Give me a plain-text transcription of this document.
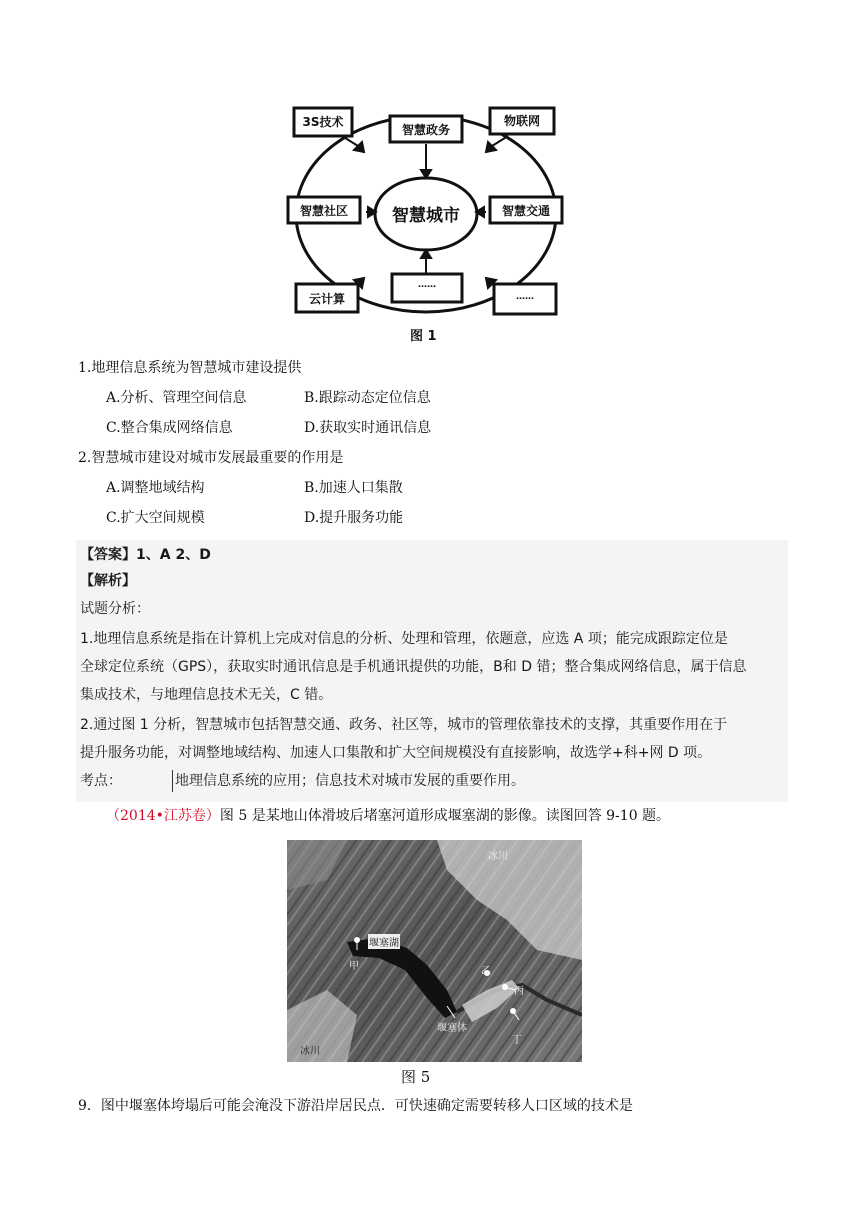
智慧政务
智慧社区	智慧交通
……
智慧城市
3S技术	物联网
云计算	……
图 1
1.地理信息系统为智慧城市建设提供
A.分析、管理空间信息	B.跟踪动态定位信息
C.整合集成网络信息	D.获取实时通讯信息
2.智慧城市建设对城市发展最重要的作用是
A.调整地域结构	B.加速人口集散
C.扩大空间规模	D.提升服务功能
【答案】1、A 2、D
【解析】
试题分析：
1.地理信息系统是指在计算机上完成对信息的分析、处理和管理，依题意，应选 A 项；能完成跟踪定位是
全球定位系统（GPS），获取实时通讯信息是手机通讯提供的功能，B和 D 错；整合集成网络信息，属于信息
集成技术，与地理信息技术无关，C 错。
2.通过图 1 分析，智慧城市包括智慧交通、政务、社区等，城市的管理依靠技术的支撑，其重要作用在于
提升服务功能，对调整地域结构、加速人口集散和扩大空间规模没有直接影响，故选学+科+网 D 项。
考点：	地理信息系统的应用；信息技术对城市发展的重要作用。
（2014•江苏卷）图 5 是某地山体滑坡后堵塞河道形成堰塞湖的影像。读图回答 9-10 题。
冰川
堰塞湖
甲	乙
丙
堰塞体
丁
冰川
图 5
9．图中堰塞体垮塌后可能会淹没下游沿岸居民点．可快速确定需要转移人口区域的技术是
